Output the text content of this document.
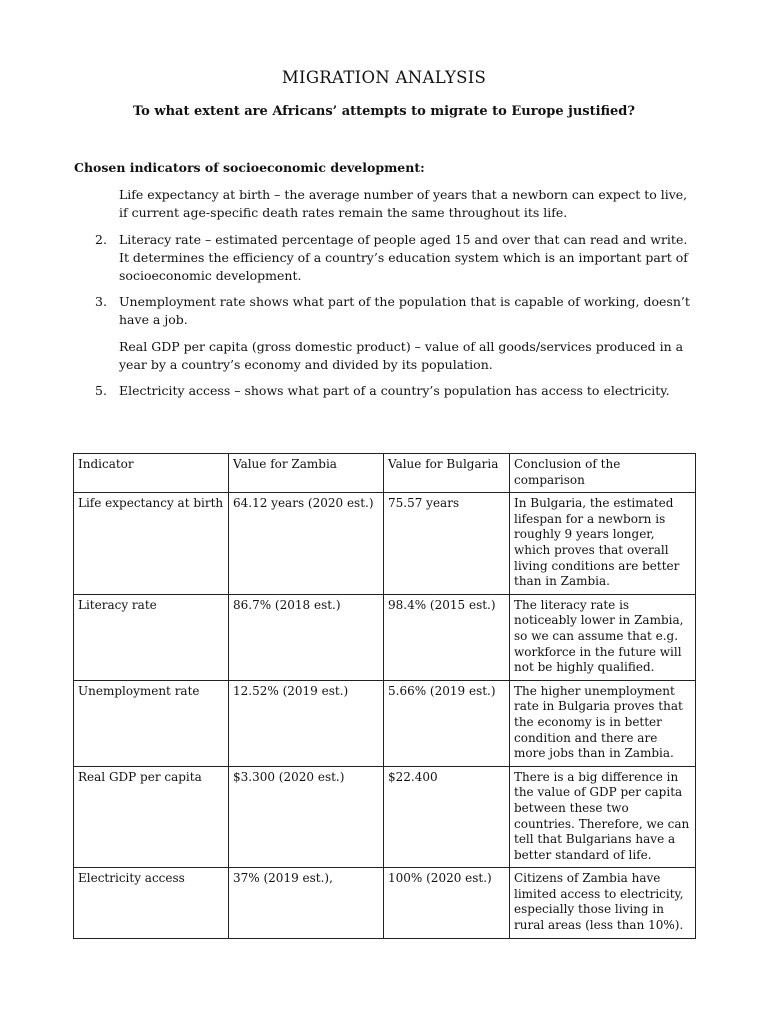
MIGRATION ANALYSIS
To what extent are Africans’ attempts to migrate to Europe justified?
Chosen indicators of socioeconomic development:
Life expectancy at birth – the average number of years that a newborn can expect to live, if current age-specific death rates remain the same throughout its life.
2. Literacy rate – estimated percentage of people aged 15 and over that can read and write. It determines the efficiency of a country’s education system which is an important part of socioeconomic development.
3. Unemployment rate shows what part of the population that is capable of working, doesn’t have a job.
Real GDP per capita (gross domestic product) – value of all goods/services produced in a year by a country’s economy and divided by its population.
5. Electricity access – shows what part of a country’s population has access to electricity.
Indicator	Value for Zambia	Value for Bulgaria	Conclusion of the comparison
Life expectancy at birth	64.12 years (2020 est.)	75.57 years	In Bulgaria, the estimated lifespan for a newborn is roughly 9 years longer, which proves that overall living conditions are better than in Zambia.
Literacy rate	86.7% (2018 est.)	98.4% (2015 est.)	The literacy rate is noticeably lower in Zambia, so we can assume that e.g. workforce in the future will not be highly qualified.
Unemployment rate	12.52% (2019 est.)	5.66% (2019 est.)	The higher unemployment rate in Bulgaria proves that the economy is in better condition and there are more jobs than in Zambia.
Real GDP per capita	$3.300 (2020 est.)	$22.400	There is a big difference in the value of GDP per capita between these two countries. Therefore, we can tell that Bulgarians have a better standard of life.
Electricity access	37% (2019 est.),	100% (2020 est.)	Citizens of Zambia have limited access to electricity, especially those living in rural areas (less than 10%).
